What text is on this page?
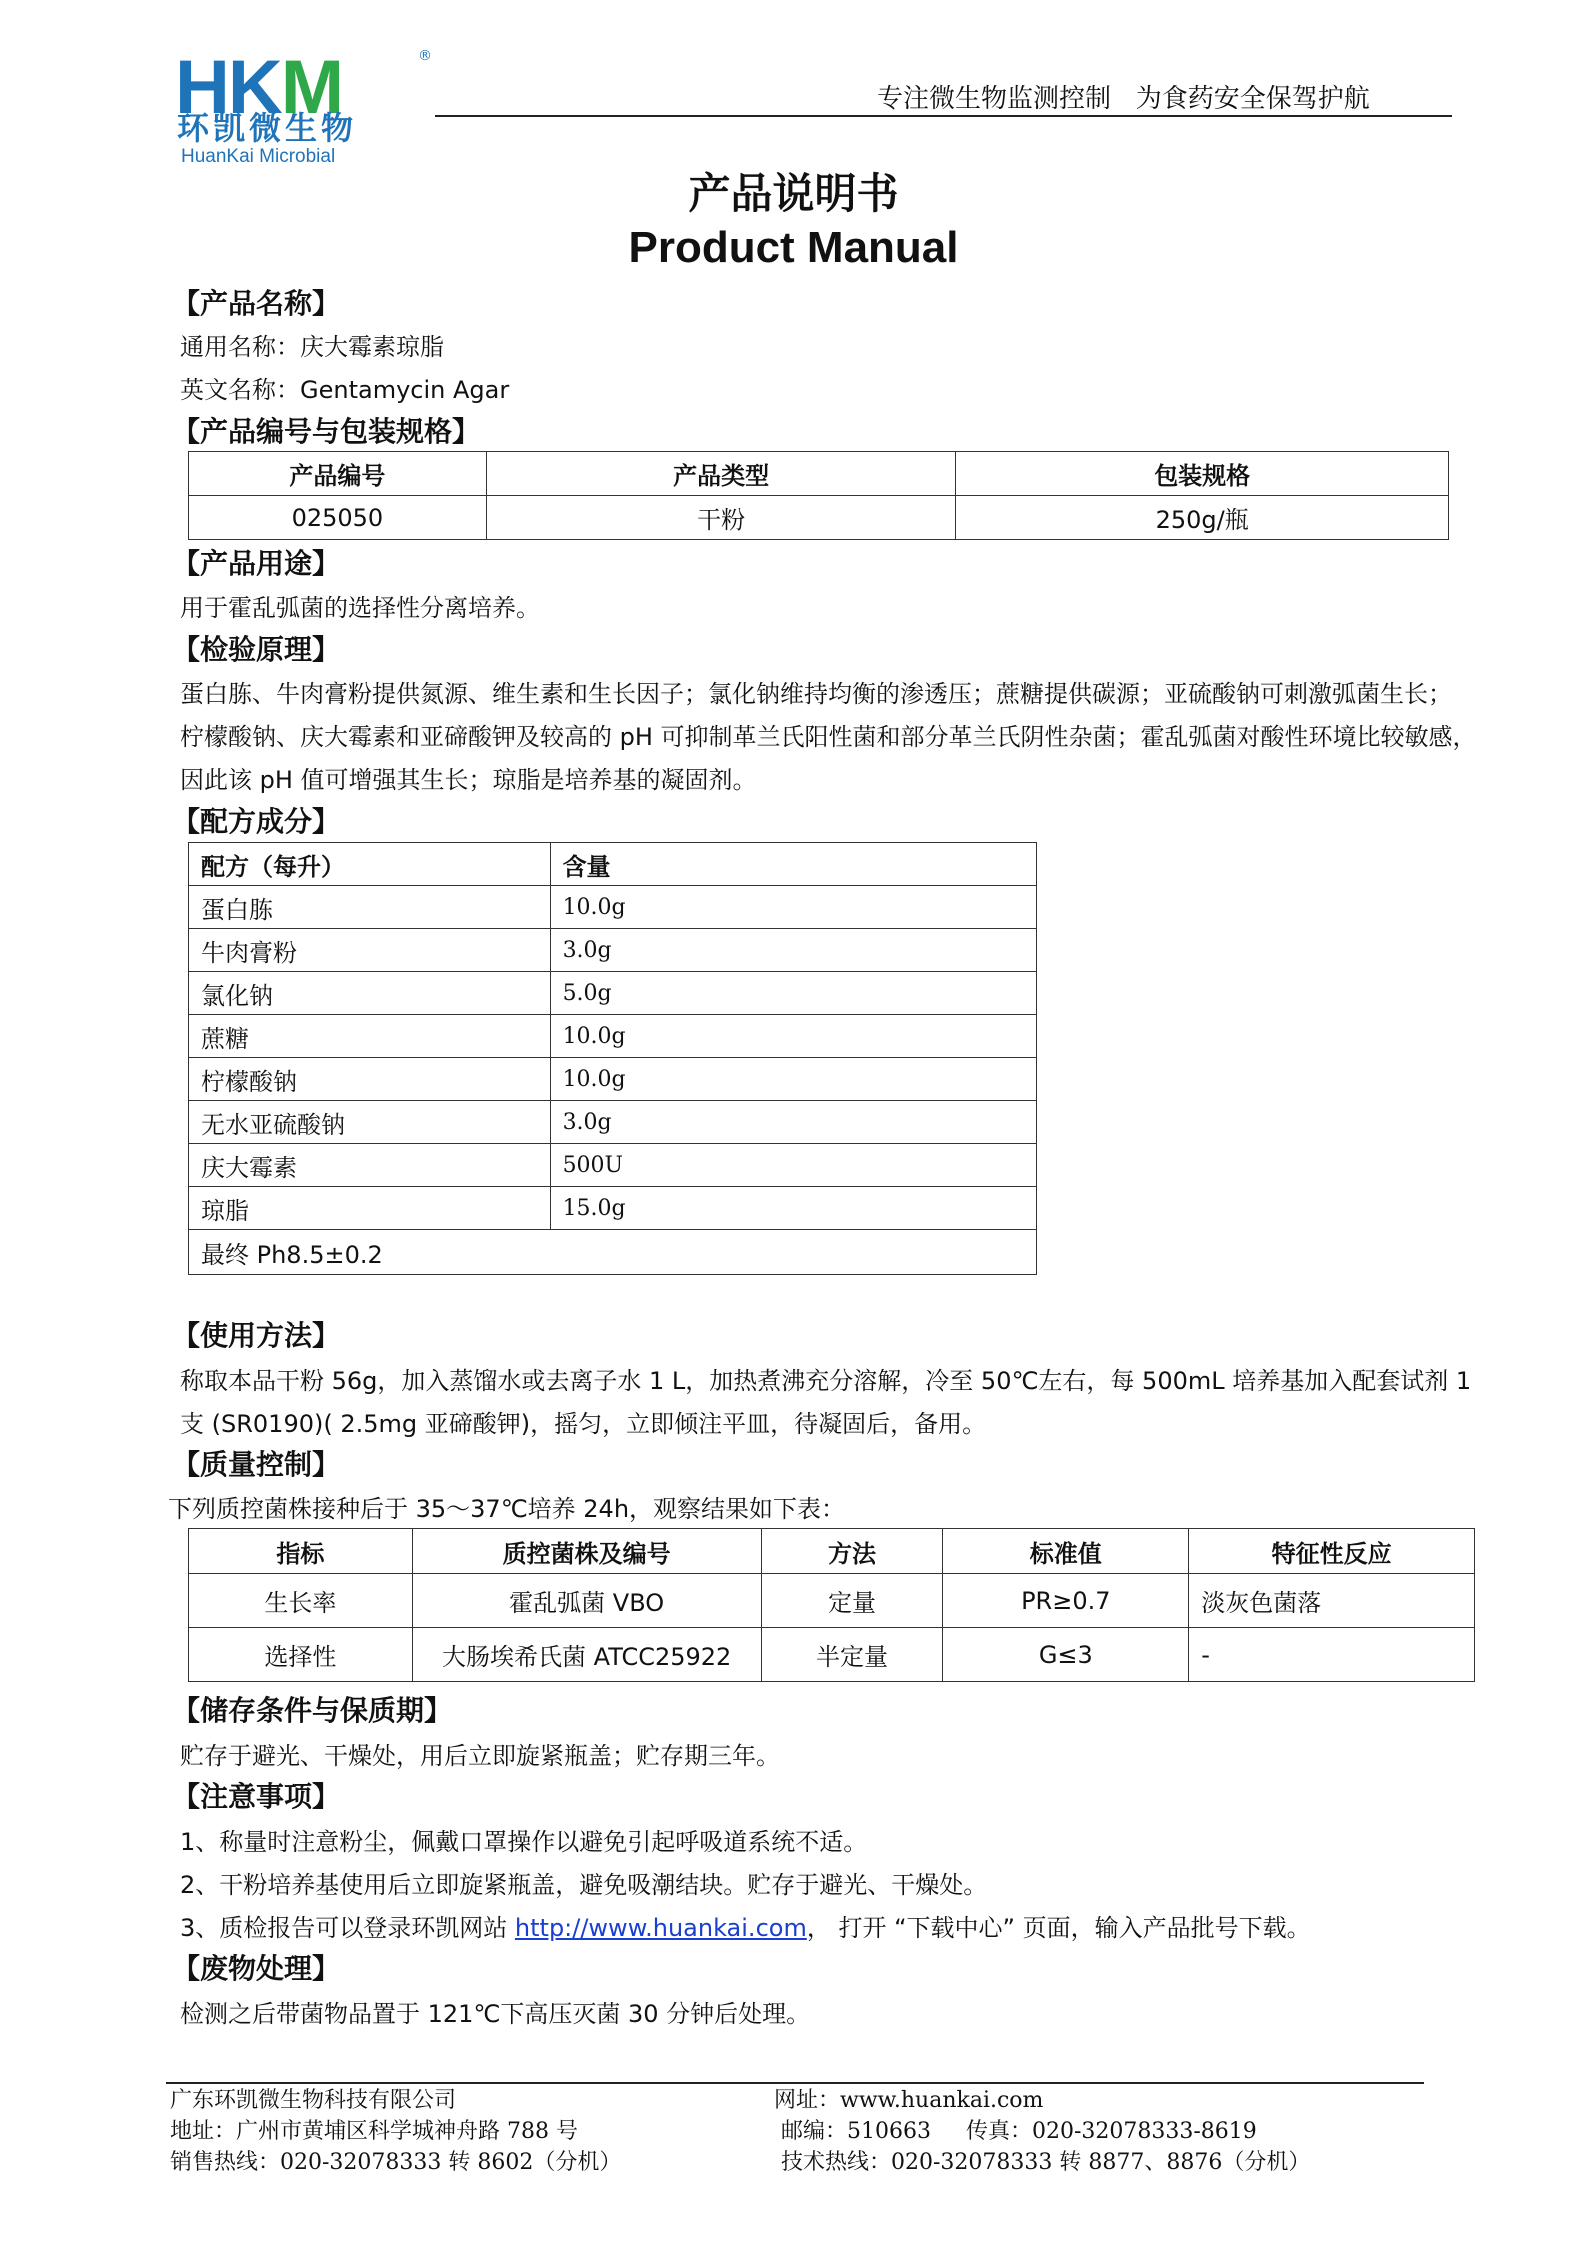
HKM	®
环凯微生物
HuanKai Microbial
专注微生物监测控制   为食药安全保驾护航
产品说明书
Product Manual
【产品名称】
通用名称：庆大霉素琼脂
英文名称：Gentamycin Agar
【产品编号与包装规格】
产品编号	产品类型	包装规格
025050	干粉	250g/瓶
【产品用途】
用于霍乱弧菌的选择性分离培养。
【检验原理】
蛋白胨、牛肉膏粉提供氮源、维生素和生长因子；氯化钠维持均衡的渗透压；蔗糖提供碳源；亚硫酸钠可刺激弧菌生长；
柠檬酸钠、庆大霉素和亚碲酸钾及较高的 pH 可抑制革兰氏阳性菌和部分革兰氏阴性杂菌；霍乱弧菌对酸性环境比较敏感，
因此该 pH 值可增强其生长；琼脂是培养基的凝固剂。
【配方成分】
配方（每升）	含量
蛋白胨	10.0g
牛肉膏粉	3.0g
氯化钠	5.0g
蔗糖	10.0g
柠檬酸钠	10.0g
无水亚硫酸钠	3.0g
庆大霉素	500U
琼脂	15.0g
最终 Ph8.5±0.2	
【使用方法】
称取本品干粉 56g，加入蒸馏水或去离子水 1 L，加热煮沸充分溶解，冷至 50℃左右，每 500mL 培养基加入配套试剂 1
支 (SR0190)( 2.5mg 亚碲酸钾)，摇匀，立即倾注平皿，待凝固后，备用。
【质量控制】
下列质控菌株接种后于 35～37℃培养 24h，观察结果如下表：
指标	质控菌株及编号	方法	标准值	特征性反应
生长率	霍乱弧菌 VBO	定量	PR≥0.7	淡灰色菌落
选择性	大肠埃希氏菌 ATCC25922	半定量	G≤3	-
【储存条件与保质期】
贮存于避光、干燥处，用后立即旋紧瓶盖；贮存期三年。
【注意事项】
1、称量时注意粉尘，佩戴口罩操作以避免引起呼吸道系统不适。
2、干粉培养基使用后立即旋紧瓶盖，避免吸潮结块。贮存于避光、干燥处。
3、质检报告可以登录环凯网站 http://www.huankai.com， 打开 “下载中心” 页面，输入产品批号下载。
【废物处理】
检测之后带菌物品置于 121℃下高压灭菌 30 分钟后处理。
广东环凯微生物科技有限公司
地址：广州市黄埔区科学城神舟路 788 号
销售热线：020-32078333 转 8602（分机）
网址：www.huankai.com
邮编：510663     传真：020-32078333-8619
技术热线：020-32078333 转 8877、8876（分机）
